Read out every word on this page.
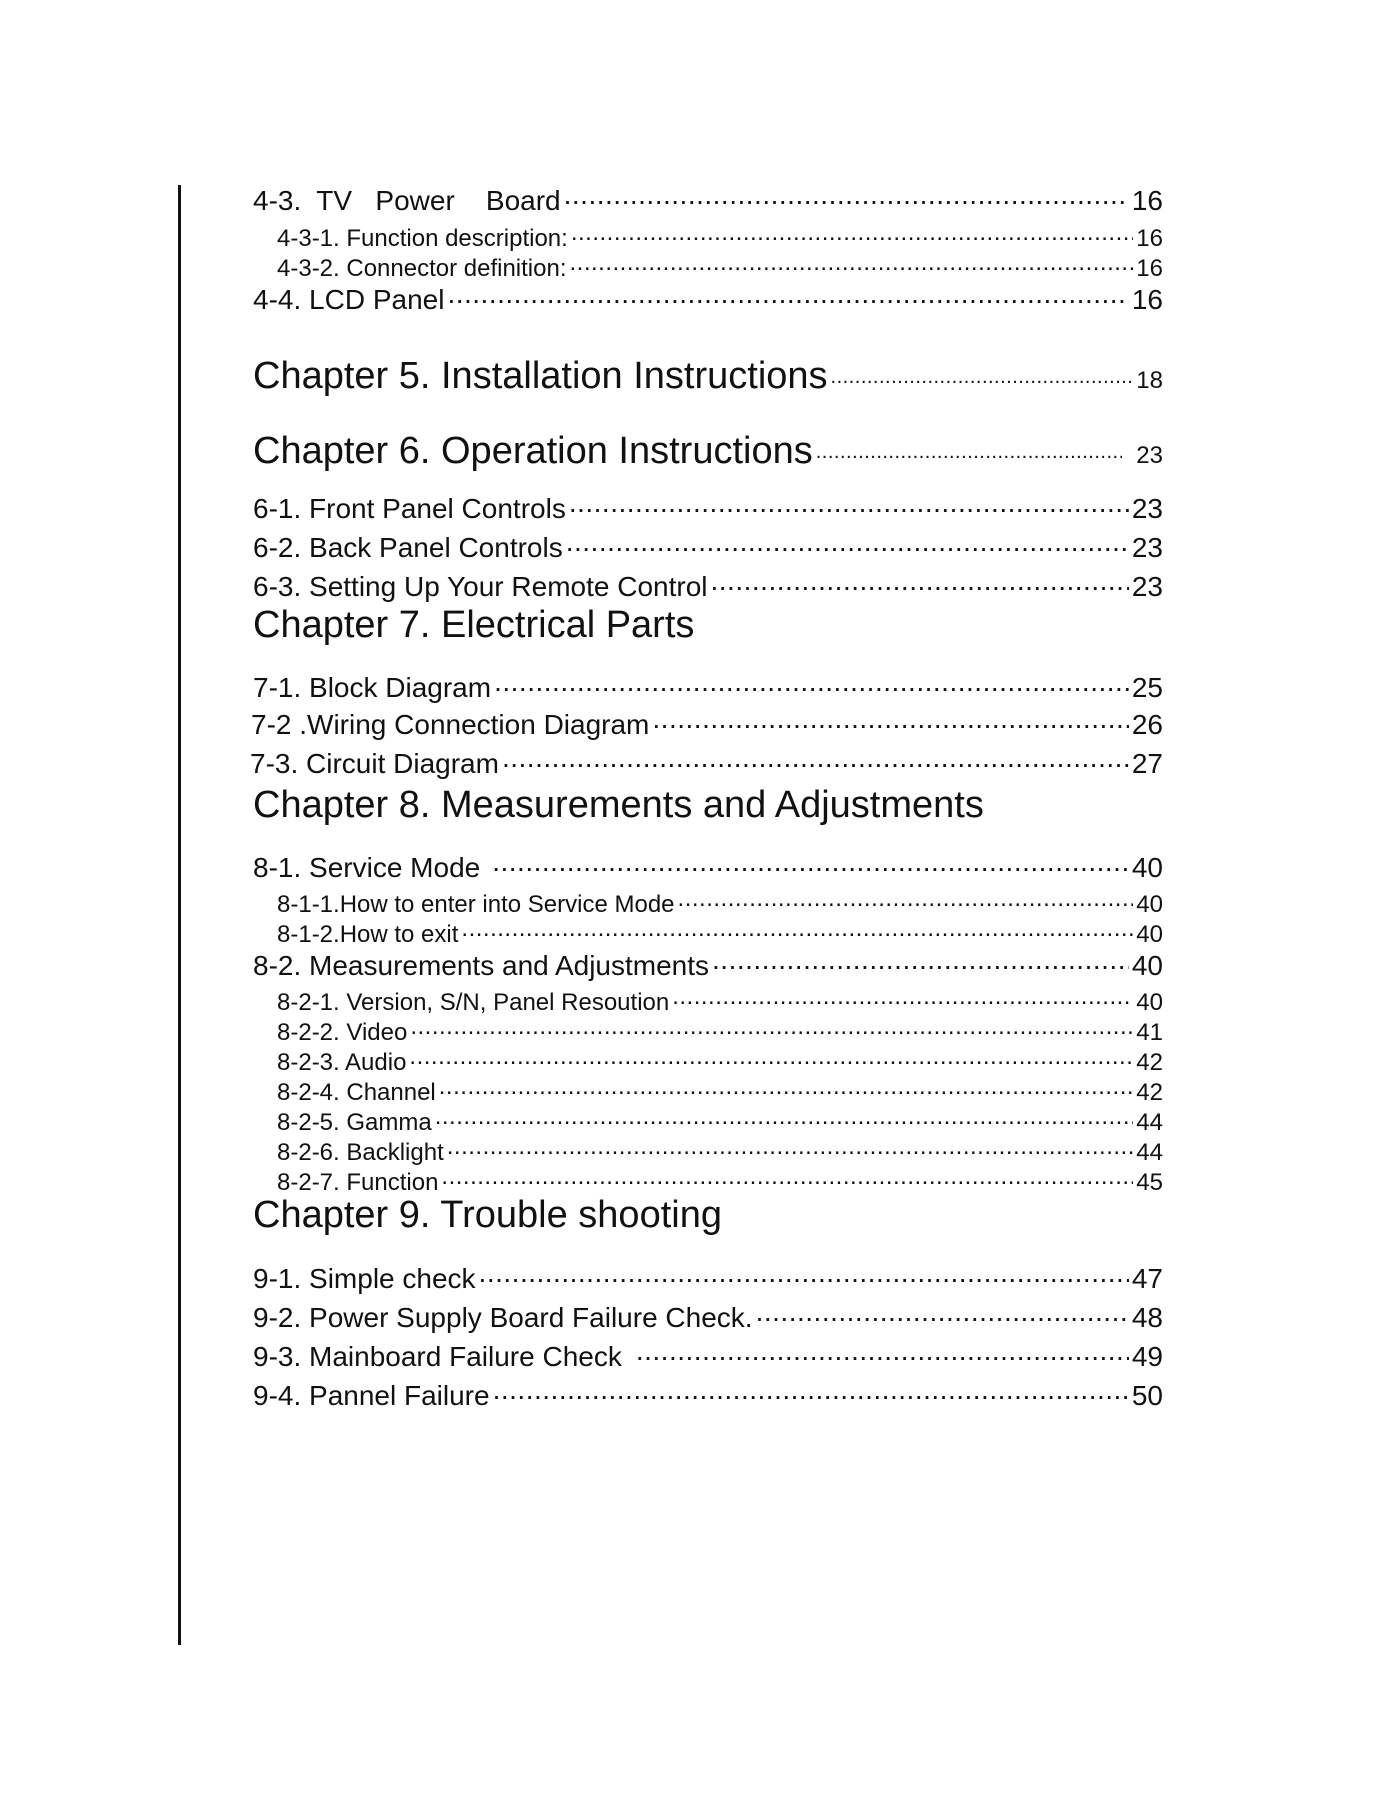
4-3.  TV   Power    Board .....	16
4-3-1. Function description: .....	16
4-3-2. Connector definition: .....	16
4-4. LCD Panel .....	16
Chapter 5. Installation Instructions .....	18
Chapter 6. Operation Instructions .....	23
6-1. Front Panel Controls .....	23
6-2. Back Panel Controls .....	23
6-3. Setting Up Your Remote Control .....	23
Chapter 7. Electrical Parts
7-1. Block Diagram .....	25
7-2 .Wiring Connection Diagram .....	26
7-3. Circuit Diagram .....	27
Chapter 8. Measurements and Adjustments
8-1. Service Mode .....	40
8-1-1.How to enter into Service Mode .....	40
8-1-2.How to exit .....	40
8-2. Measurements and Adjustments .....	40
8-2-1. Version, S/N, Panel Resoution .....	40
8-2-2. Video .....	41
8-2-3. Audio .....	42
8-2-4. Channel .....	42
8-2-5. Gamma .....	44
8-2-6. Backlight .....	44
8-2-7. Function .....	45
Chapter 9. Trouble shooting
9-1. Simple check .....	47
9-2. Power Supply Board Failure Check. .....	48
9-3. Mainboard Failure Check .....	49
9-4. Pannel Failure .....	50
